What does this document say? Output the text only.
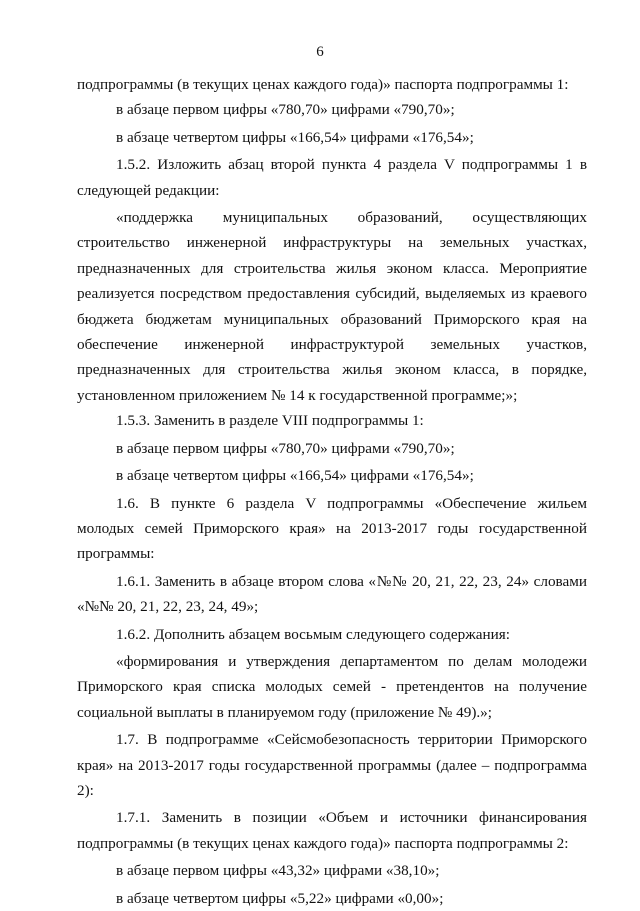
6

подпрограммы (в текущих ценах каждого года)» паспорта подпрограммы 1:

в абзаце первом цифры «780,70» цифрами «790,70»;

в абзаце четвертом цифры «166,54» цифрами «176,54»;

1.5.2. Изложить абзац второй пункта 4 раздела V подпрограммы 1 в следующей редакции:

«поддержка муниципальных образований, осуществляющих строительство инженерной инфраструктуры на земельных участках, предназначенных для строительства жилья эконом класса. Мероприятие реализуется посредством предоставления субсидий, выделяемых из краевого бюджета бюджетам муниципальных образований Приморского края на обеспечение инженерной инфраструктурой земельных участков, предназначенных для строительства жилья эконом класса, в порядке, установленном приложением № 14 к государственной программе;»;

1.5.3. Заменить в разделе VIII подпрограммы 1:

в абзаце первом цифры «780,70» цифрами «790,70»;

в абзаце четвертом цифры «166,54» цифрами «176,54»;

1.6. В пункте 6 раздела V подпрограммы «Обеспечение жильем молодых семей Приморского края» на 2013-2017 годы государственной программы:

1.6.1. Заменить в абзаце втором слова «№№ 20, 21, 22, 23, 24» словами «№№ 20, 21, 22, 23, 24, 49»;

1.6.2. Дополнить абзацем восьмым следующего содержания:

«формирования и утверждения департаментом по делам молодежи Приморского края списка молодых семей - претендентов на получение социальной выплаты в планируемом году (приложение № 49).»;

1.7. В подпрограмме «Сейсмобезопасность территории Приморского края» на 2013-2017 годы государственной программы (далее – подпрограмма 2):

1.7.1. Заменить в позиции «Объем и источники финансирования подпрограммы (в текущих ценах каждого года)» паспорта подпрограммы 2:

в абзаце первом цифры «43,32» цифрами «38,10»;

в абзаце четвертом цифры «5,22» цифрами «0,00»;
